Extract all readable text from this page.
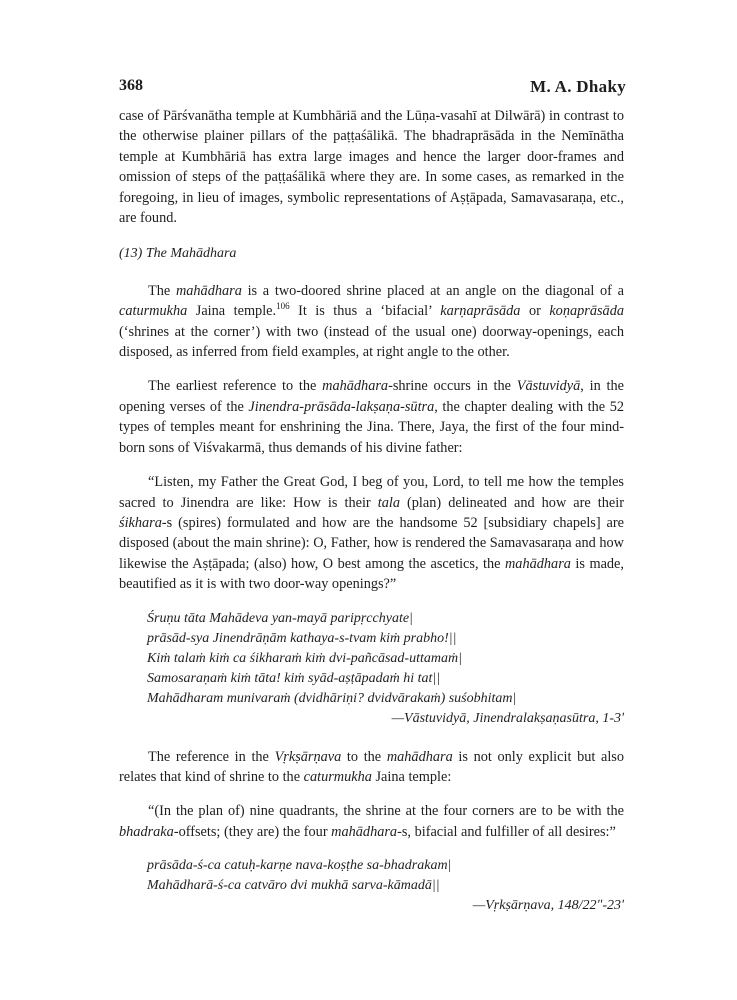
368	M. A. Dhaky

case of Pārśvanātha temple at Kumbhāriā and the Lūṇa-vasahī at Dilwārā) in contrast to the otherwise plainer pillars of the paṭṭaśālikā. The bhadraprāsāda in the Nemīnātha temple at Kumbhāriā has extra large images and hence the larger door-frames and omission of steps of the paṭṭaśālikā where they are. In some cases, as remarked in the foregoing, in lieu of images, symbolic representations of Aṣṭāpada, Samavasaraṇa, etc., are found.

(13) The Mahādhara

The mahādhara is a two-doored shrine placed at an angle on the diagonal of a caturmukha Jaina temple.$^{106}$ It is thus a ‘bifacial’ karṇaprāsāda or koṇaprāsāda (‘shrines at the corner’) with two (instead of the usual one) doorway-openings, each disposed, as inferred from field examples, at right angle to the other.

The earliest reference to the mahādhara-shrine occurs in the Vāstuvidyā, in the opening verses of the Jinendra-prāsāda-lakṣaṇa-sūtra, the chapter dealing with the 52 types of temples meant for enshrining the Jina. There, Jaya, the first of the four mind-born sons of Viśvakarmā, thus demands of his divine father:

“Listen, my Father the Great God, I beg of you, Lord, to tell me how the temples sacred to Jinendra are like: How is their tala (plan) delineated and how are their śikhara-s (spires) formulated and how are the handsome 52 [subsidiary chapels] are disposed (about the main shrine): O, Father, how is rendered the Samavasaraṇa and how likewise the Aṣṭāpada; (also) how, O best among the ascetics, the mahādhara is made, beautified as it is with two door-way openings?”

Śruṇu tāta Mahādeva yan-mayā paripṛcchyate|
prāsād-sya Jinendrāṇām kathaya-s-tvam kiṁ prabho!||
Kiṁ talaṁ kiṁ ca śikharaṁ kiṁ dvi-pañcāsad-uttamaṁ|
Samosaraṇaṁ kiṁ tāta! kiṁ syād-aṣṭāpadaṁ hi tat||
Mahādharam munivaraṁ (dvidhāriṇi? dvidvārakaṁ) suśobhitam|
—Vāstuvidyā, Jinendralakṣaṇasūtra, 1-3ʹ

The reference in the Vṛkṣārṇava to the mahādhara is not only explicit but also relates that kind of shrine to the caturmukha Jaina temple:

“(In the plan of) nine quadrants, the shrine at the four corners are to be with the bhadraka-offsets; (they are) the four mahādhara-s, bifacial and fulfiller of all desires:”

prāsāda-ś-ca catuḥ-karṇe nava-koṣṭhe sa-bhadrakam|
Mahādharā-ś-ca catvāro dvi mukhā sarva-kāmadā||
—Vṛkṣārṇava, 148/22ʺ-23ʹ
